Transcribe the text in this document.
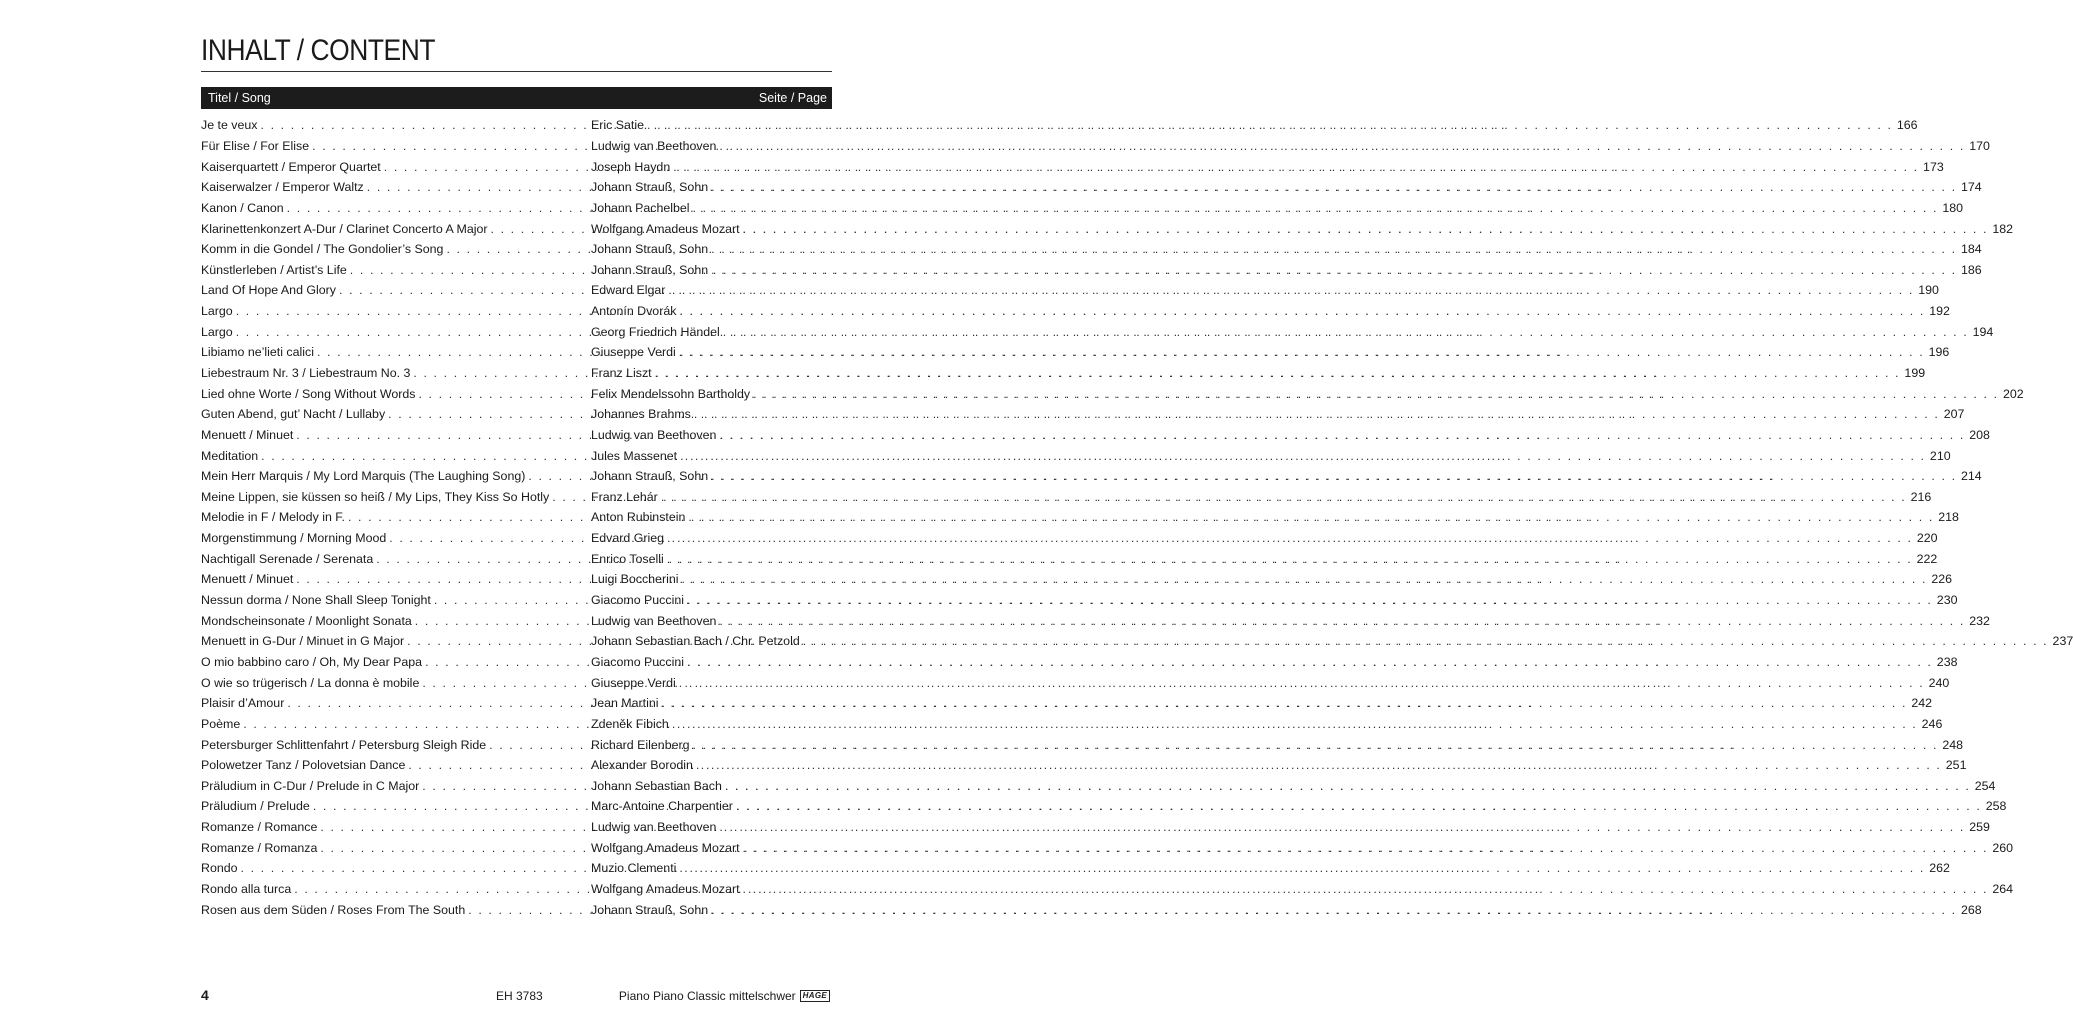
INHALT / CONTENT
Titel / Song	Seite / Page
Je te veux . . .	Eric Satie . . .	166
Für Elise / For Elise . . .	Ludwig van Beethoven . . .	170
Kaiserquartett / Emperor Quartet . . .	Joseph Haydn . . .	173
Kaiserwalzer / Emperor Waltz . . .	Johann Strauß, Sohn . . .	174
Kanon / Canon . . .	Johann Pachelbel . . .	180
Klarinettenkonzert A-Dur / Clarinet Concerto A Major . . .	Wolfgang Amadeus Mozart . . .	182
Komm in die Gondel / The Gondolier’s Song . . .	Johann Strauß, Sohn . . .	184
Künstlerleben / Artist’s Life . . .	Johann Strauß, Sohn . . .	186
Land Of Hope And Glory . . .	Edward Elgar . . .	190
Largo . . .	Antonín Dvorák . . .	192
Largo . . .	Georg Friedrich Händel . . .	194
Libiamo ne’lieti calici . . .	Giuseppe Verdi . . .	196
Liebestraum Nr. 3 / Liebestraum No. 3 . . .	Franz Liszt . . .	199
Lied ohne Worte / Song Without Words . . .	Felix Mendelssohn Bartholdy . . .	202
Guten Abend, gut’ Nacht / Lullaby . . .	Johannes Brahms . . .	207
Menuett / Minuet . . .	Ludwig van Beethoven . . .	208
Meditation . . .	Jules Massenet . . .	210
Mein Herr Marquis / My Lord Marquis (The Laughing Song) . . .	Johann Strauß, Sohn . . .	214
Meine Lippen, sie küssen so heiß / My Lips, They Kiss So Hotly . . .	Franz Lehár . . .	216
Melodie in F / Melody in F. . . .	Anton Rubinstein . . .	218
Morgenstimmung / Morning Mood . . .	Edvard Grieg . . .	220
Nachtigall Serenade / Serenata . . .	Enrico Toselli . . .	222
Menuett / Minuet . . .	Luigi Boccherini . . .	226
Nessun dorma / None Shall Sleep Tonight . . .	Giacomo Puccini . . .	230
Mondscheinsonate / Moonlight Sonata . . .	Ludwig van Beethoven . . .	232
Menuett in G-Dur / Minuet in G Major . . .	Johann Sebastian Bach / Chr. Petzold . . .	237
O mio babbino caro / Oh, My Dear Papa . . .	Giacomo Puccini . . .	238
O wie so trügerisch / La donna è mobile . . .	Giuseppe Verdi . . .	240
Plaisir d’Amour . . .	Jean Martini . . .	242
Poème . . .	Zdeněk Fibich . . .	246
Petersburger Schlittenfahrt / Petersburg Sleigh Ride . . .	Richard Eilenberg . . .	248
Polowetzer Tanz / Polovetsian Dance . . .	Alexander Borodin . . .	251
Präludium in C-Dur / Prelude in C Major . . .	Johann Sebastian Bach . . .	254
Präludium / Prelude . . .	Marc-Antoine Charpentier . . .	258
Romanze / Romance . . .	Ludwig van Beethoven . . .	259
Romanze / Romanza . . .	Wolfgang Amadeus Mozart . . .	260
Rondo . . .	Muzio Clementi . . .	262
Rondo alla turca . . .	Wolfgang Amadeus Mozart . . .	264
Rosen aus dem Süden / Roses From The South . . .	Johann Strauß, Sohn . . .	268
4	EH 3783	Piano Piano Classic mittelschwer HAGE
